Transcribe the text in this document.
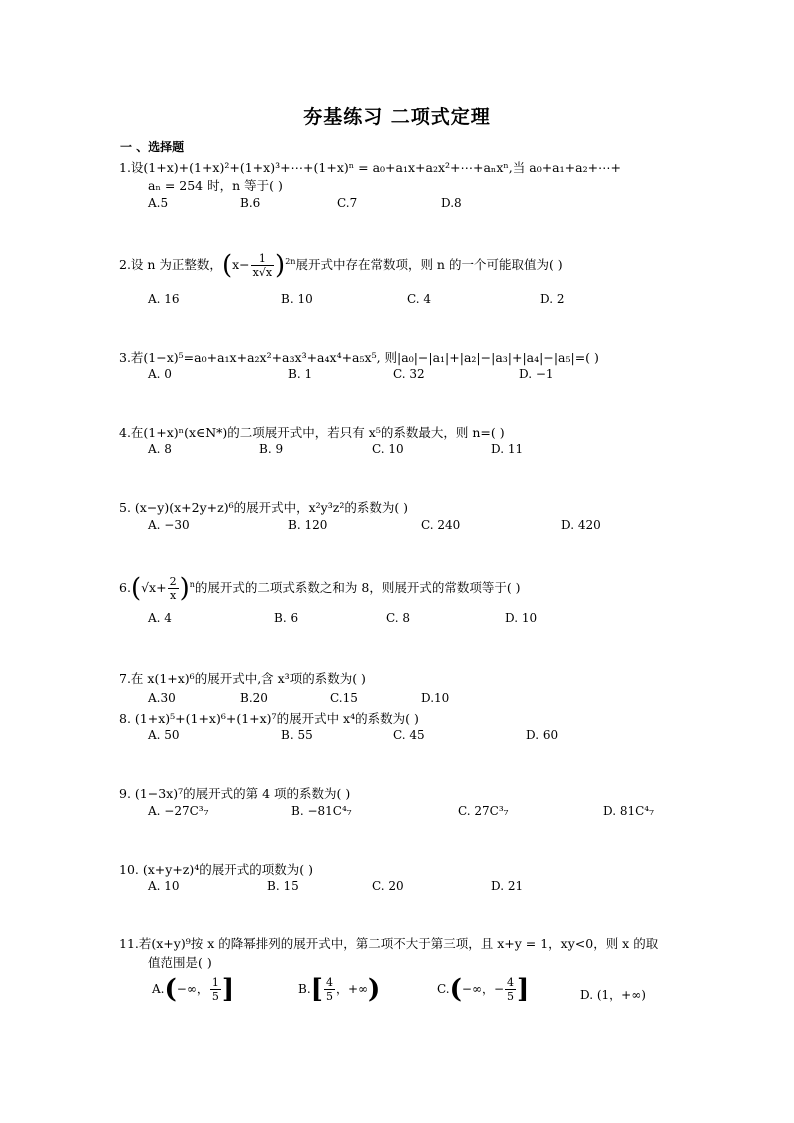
夯基练习 二项式定理
一 、选择题
1.设(1+x)+(1+x)²+(1+x)³+⋯+(1+x)ⁿ = a₀+a₁x+a₂x²+⋯+aₙxⁿ,当 a₀+a₁+a₂+⋯+
aₙ = 254 时，n 等于( )
A.5	B.6	C.7	D.8
2.设 n 为正整数，$(x- \frac{1}{x√x} )^{2n}$展开式中存在常数项，则 n 的一个可能取值为( )
A. 16	B. 10	C. 4	D. 2
3.若(1−x)⁵=a₀+a₁x+a₂x²+a₃x³+a₄x⁴+a₅x⁵, 则|a₀|−|a₁|+|a₂|−|a₃|+|a₄|−|a₅|=( )
A. 0	B. 1	C. 32	D. −1
4.在(1+x)ⁿ(x∈N*)的二项展开式中，若只有 x⁵的系数最大，则 n=( )
A. 8	B. 9	C. 10	D. 11
5. (x−y)(x+2y+z)⁶的展开式中，x²y³z²的系数为( )
A. −30	B. 120	C. 240	D. 420
$6.(√x+ \frac{2}{x} )^n$的展开式的二项式系数之和为 8，则展开式的常数项等于( )
A. 4	B. 6	C. 8	D. 10
7.在 x(1+x)⁶的展开式中,含 x³项的系数为( )
A.30	B.20	C.15	D.10
8. (1+x)⁵+(1+x)⁶+(1+x)⁷的展开式中 x⁴的系数为( )
A. 50	B. 55	C. 45	D. 60
9. (1−3x)⁷的展开式的第 4 项的系数为( )
A. −27C³₇	B. −81C⁴₇	C. 27C³₇	D. 81C⁴₇
10. (x+y+z)⁴的展开式的项数为( )
A. 10	B. 15	C. 20	D. 21
11.若(x+y)⁹按 x 的降幂排列的展开式中，第二项不大于第三项，且 x+y = 1，xy<0，则 x 的取
值范围是( )
A.(−∞， $\frac{1}{5}$ ]	$B.[ \frac{4}{5}$ ，+∞)	C.(−∞，− $\frac{4}{5}$ ]	D. (1，+∞)
